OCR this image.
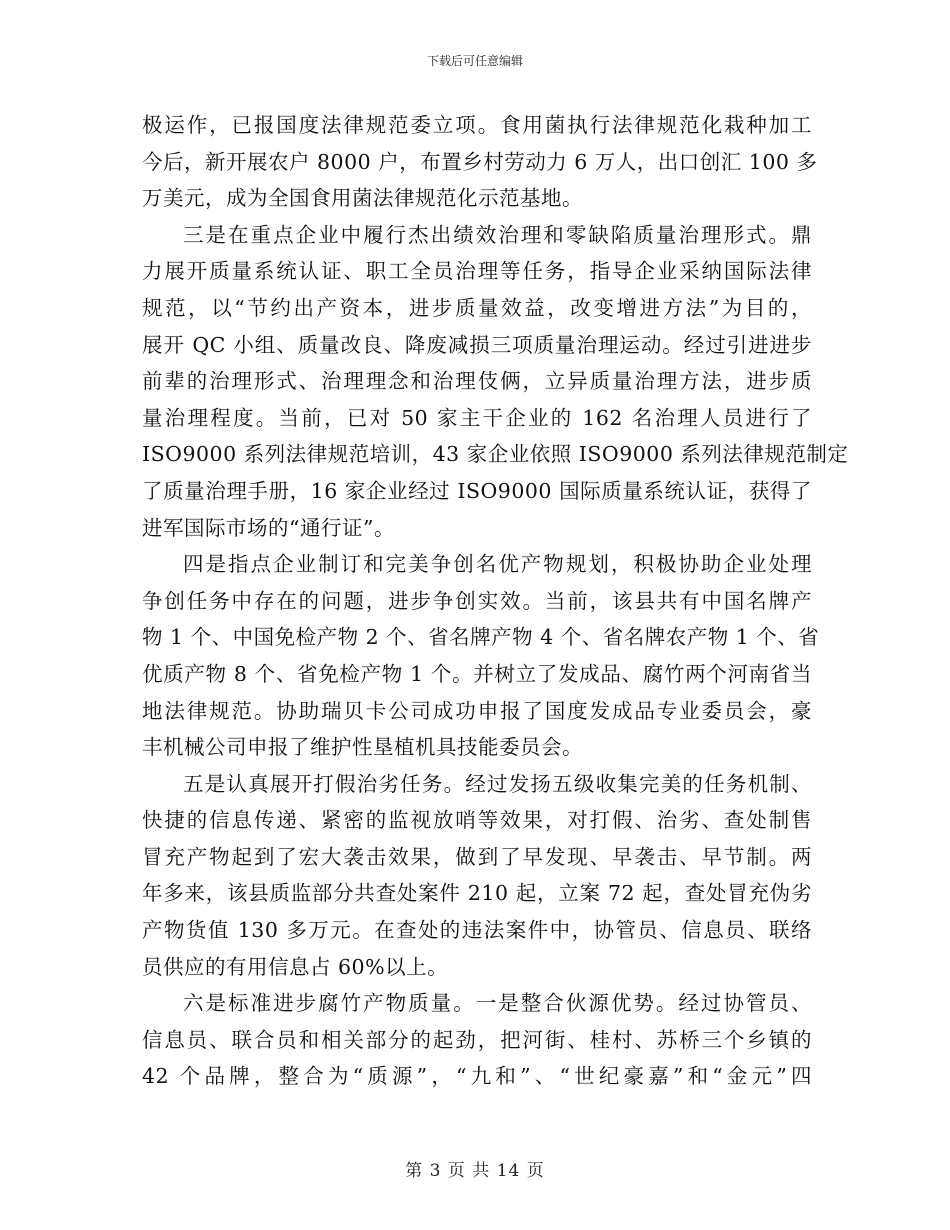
下载后可任意编辑
极运作，已报国度法律规范委立项。食用菌执行法律规范化栽种加工
今后，新开展农户 8000 户，布置乡村劳动力 6 万人，出口创汇 100 多
万美元，成为全国食用菌法律规范化示范基地。
三是在重点企业中履行杰出绩效治理和零缺陷质量治理形式。鼎
力展开质量系统认证、职工全员治理等任务，指导企业采纳国际法律
规范，以“节约出产资本，进步质量效益，改变增进方法”为目的，
展开 QC 小组、质量改良、降废减损三项质量治理运动。经过引进进步
前辈的治理形式、治理理念和治理伎俩，立异质量治理方法，进步质
量治理程度。当前，已对 50 家主干企业的 162 名治理人员进行了
ISO9000 系列法律规范培训，43 家企业依照 ISO9000 系列法律规范制定
了质量治理手册，16 家企业经过 ISO9000 国际质量系统认证，获得了
进军国际市场的“通行证”。
四是指点企业制订和完美争创名优产物规划，积极协助企业处理
争创任务中存在的问题，进步争创实效。当前，该县共有中国名牌产
物 1 个、中国免检产物 2 个、省名牌产物 4 个、省名牌农产物 1 个、省
优质产物 8 个、省免检产物 1 个。并树立了发成品、腐竹两个河南省当
地法律规范。协助瑞贝卡公司成功申报了国度发成品专业委员会，豪
丰机械公司申报了维护性垦植机具技能委员会。
五是认真展开打假治劣任务。经过发扬五级收集完美的任务机制、
快捷的信息传递、紧密的监视放哨等效果，对打假、治劣、查处制售
冒充产物起到了宏大袭击效果，做到了早发现、早袭击、早节制。两
年多来，该县质监部分共查处案件 210 起，立案 72 起，查处冒充伪劣
产物货值 130 多万元。在查处的违法案件中，协管员、信息员、联络
员供应的有用信息占 60%以上。
六是标准进步腐竹产物质量。一是整合伙源优势。经过协管员、
信息员、联合员和相关部分的起劲，把河街、桂村、苏桥三个乡镇的
42 个品牌，整合为“质源”，“九和”、“世纪豪嘉”和“金元”四
第 3 页 共 14 页
